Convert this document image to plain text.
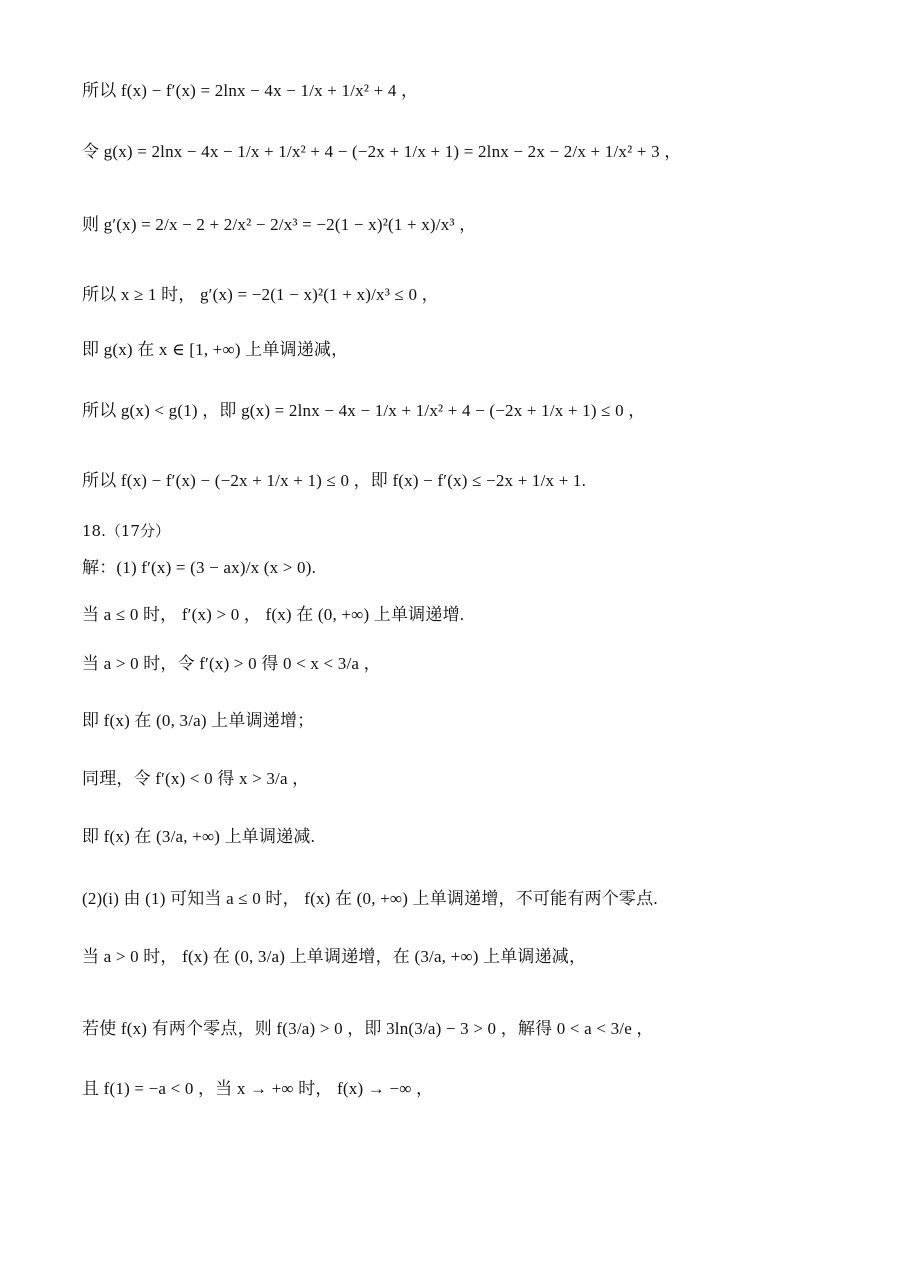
所以 f(x) − f′(x) = 2lnx − 4x − 1/x + 1/x² + 4 ，
令 g(x) = 2lnx − 4x − 1/x + 1/x² + 4 − (−2x + 1/x + 1) = 2lnx − 2x − 2/x + 1/x² + 3 ，
则 g′(x) = 2/x − 2 + 2/x² − 2/x³ = −2(1 − x)²(1 + x)/x³ ，
所以 x ≥ 1 时， g′(x) = −2(1 − x)²(1 + x)/x³ ≤ 0 ，
即 g(x) 在 x ∈ [1, +∞) 上单调递减，
所以 g(x) < g(1) ，即 g(x) = 2lnx − 4x − 1/x + 1/x² + 4 − (−2x + 1/x + 1) ≤ 0 ，
所以 f(x) − f′(x) − (−2x + 1/x + 1) ≤ 0 ，即 f(x) − f′(x) ≤ −2x + 1/x + 1.
18.（17分）
解：(1) f′(x) = (3 − ax)/x (x > 0).
当 a ≤ 0 时， f′(x) > 0 ， f(x) 在 (0, +∞) 上单调递增.
当 a > 0 时，令 f′(x) > 0 得 0 < x < 3/a ，
即 f(x) 在 (0, 3/a) 上单调递增；
同理，令 f′(x) < 0 得 x > 3/a ，
即 f(x) 在 (3/a, +∞) 上单调递减.
(2)(i) 由 (1) 可知当 a ≤ 0 时， f(x) 在 (0, +∞) 上单调递增，不可能有两个零点.
当 a > 0 时， f(x) 在 (0, 3/a) 上单调递增，在 (3/a, +∞) 上单调递减，
若使 f(x) 有两个零点，则 f(3/a) > 0 ，即 3ln(3/a) − 3 > 0 ，解得 0 < a < 3/e ，
且 f(1) = −a < 0 ，当 x → +∞ 时， f(x) → −∞ ，
